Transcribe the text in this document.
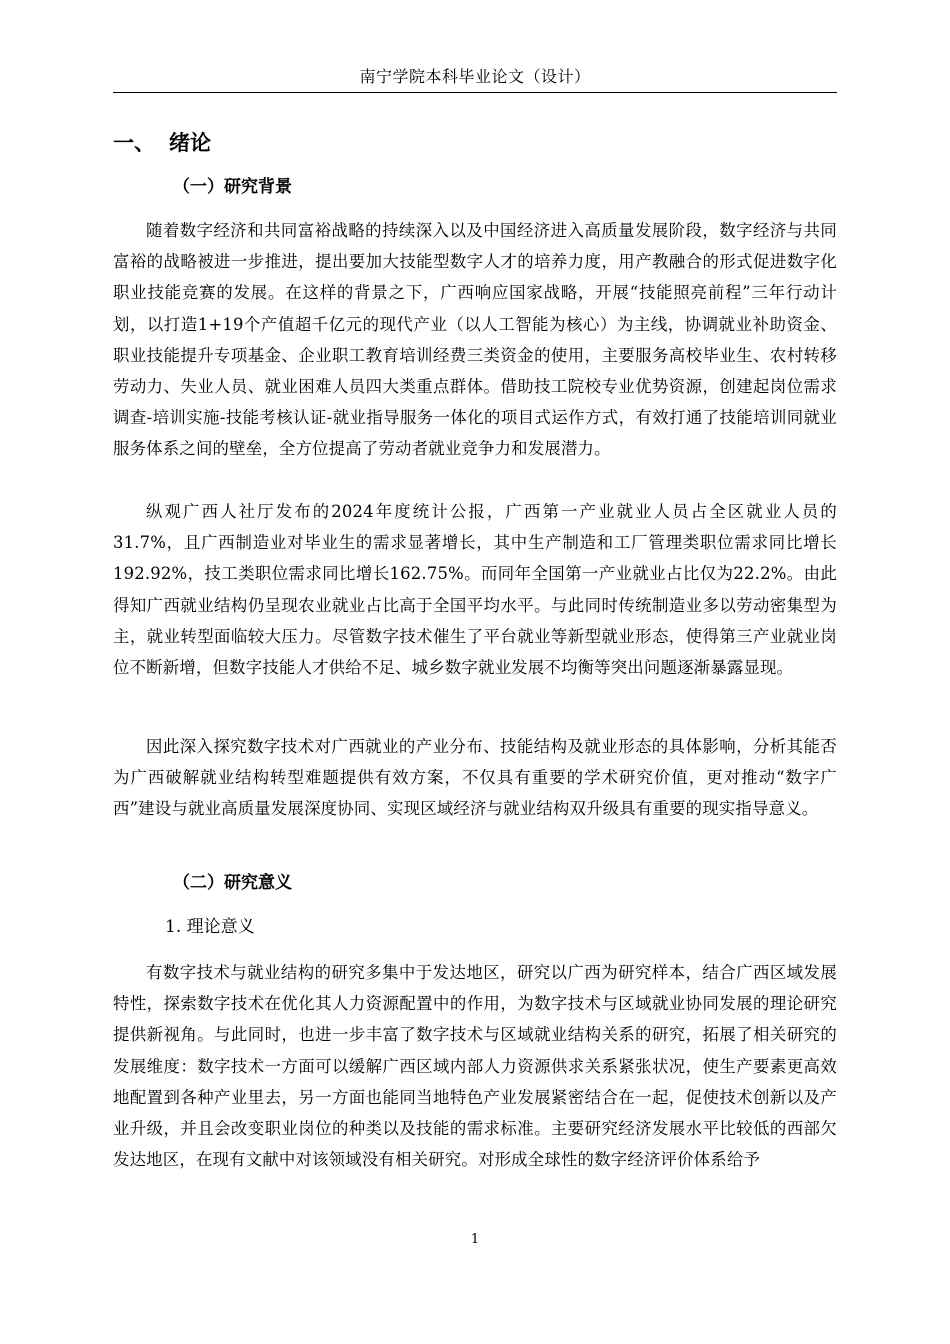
南宁学院本科毕业论文（设计）
一、 绪论
（一）研究背景
随着数字经济和共同富裕战略的持续深入以及中国经济进入高质量发展阶段，数字经济与共同富裕的战略被进一步推进，提出要加大技能型数字人才的培养力度，用产教融合的形式促进数字化职业技能竞赛的发展。在这样的背景之下，广西响应国家战略，开展“技能照亮前程”三年行动计划，以打造1+19个产值超千亿元的现代产业（以人工智能为核心）为主线，协调就业补助资金、职业技能提升专项基金、企业职工教育培训经费三类资金的使用，主要服务高校毕业生、农村转移劳动力、失业人员、就业困难人员四大类重点群体。借助技工院校专业优势资源，创建起岗位需求调查-培训实施-技能考核认证-就业指导服务一体化的项目式运作方式，有效打通了技能培训同就业服务体系之间的壁垒，全方位提高了劳动者就业竞争力和发展潜力。
纵观广西人社厅发布的2024年度统计公报，广西第一产业就业人员占全区就业人员的31.7%，且广西制造业对毕业生的需求显著增长，其中生产制造和工厂管理类职位需求同比增长192.92%，技工类职位需求同比增长162.75%。而同年全国第一产业就业占比仅为22.2%。由此得知广西就业结构仍呈现农业就业占比高于全国平均水平。与此同时传统制造业多以劳动密集型为主，就业转型面临较大压力。尽管数字技术催生了平台就业等新型就业形态，使得第三产业就业岗位不断新增，但数字技能人才供给不足、城乡数字就业发展不均衡等突出问题逐渐暴露显现。
因此深入探究数字技术对广西就业的产业分布、技能结构及就业形态的具体影响，分析其能否为广西破解就业结构转型难题提供有效方案，不仅具有重要的学术研究价值，更对推动“数字广西”建设与就业高质量发展深度协同、实现区域经济与就业结构双升级具有重要的现实指导意义。
（二）研究意义
1. 理论意义
有数字技术与就业结构的研究多集中于发达地区，研究以广西为研究样本，结合广西区域发展特性，探索数字技术在优化其人力资源配置中的作用，为数字技术与区域就业协同发展的理论研究提供新视角。与此同时，也进一步丰富了数字技术与区域就业结构关系的研究，拓展了相关研究的发展维度：数字技术一方面可以缓解广西区域内部人力资源供求关系紧张状况，使生产要素更高效地配置到各种产业里去，另一方面也能同当地特色产业发展紧密结合在一起，促使技术创新以及产业升级，并且会改变职业岗位的种类以及技能的需求标准。主要研究经济发展水平比较低的西部欠发达地区，在现有文献中对该领域没有相关研究。对形成全球性的数字经济评价体系给予
1
